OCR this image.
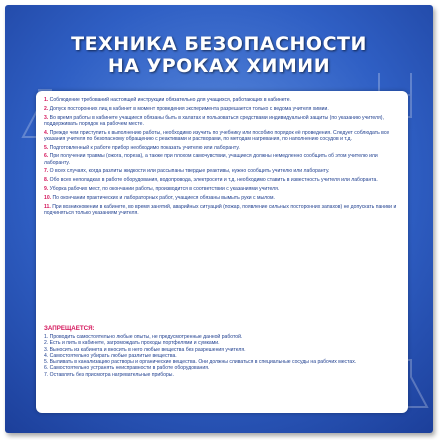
ТЕХНИКА БЕЗОПАСНОСТИ
НА УРОКАХ ХИМИИ

1. Соблюдение требований настоящей инструкции обязательно для учащихся, работающих в кабинете.

2. Допуск посторонних лиц в кабинет в момент проведения эксперимента разрешается только с ведома учителя химии.

3. Во время работы в кабинете учащиеся обязаны быть в халатах и пользоваться средствами индивидуальной защиты (по указанию учителя), поддерживать порядок на рабочем месте.

4. Прежде чем приступить к выполнению работы, необходимо изучить по учебнику или пособию порядок её проведения. Следует соблюдать все указания учителя по безопасному обращению с реактивами и растворами, по методам нагревания, по наполнению сосудов и т.д.

5. Подготовленный к работе прибор необходимо показать учителю или лаборанту.

6. При получении травмы (ожога, пореза), а также при плохом самочувствии, учащиеся должны немедленно сообщить об этом учителю или лаборанту.

7. О всех случаях, когда разлиты жидкости или рассыпаны твердые реактивы, нужно сообщить учителю или лаборанту.

8. Обо всех неполадках в работе оборудования, водопровода, электросети и т.д. необходимо ставить в известность учителя или лаборанта.

9. Уборка рабочих мест, по окончании работы, производится в соответствии с указаниями учителя.

10. По окончании практических и лабораторных работ, учащиеся обязаны вымыть руки с мылом.

11. При возникновении в кабинете, во время занятий, аварийных ситуаций (пожар, появление сильных посторонних запахов) не допускать паники и подчиняться только указаниям учителя.

ЗАПРЕЩАЕТСЯ:

1. Проводить самостоятельно любые опыты, не предусмотренные данной работой.

2. Есть и пить в кабинете, загромождать проходы портфелями и сумками.

3. Выносить из кабинета и вносить в него любые вещества без разрешения учителя.

4. Самостоятельно убирать любые разлитые вещества.

5. Выливать в канализацию растворы и органические вещества. Они должны сливаться в специальные сосуды на рабочих местах.

6. Самостоятельно устранять неисправности в работе оборудования.

7. Оставлять без присмотра нагревательные приборы.
